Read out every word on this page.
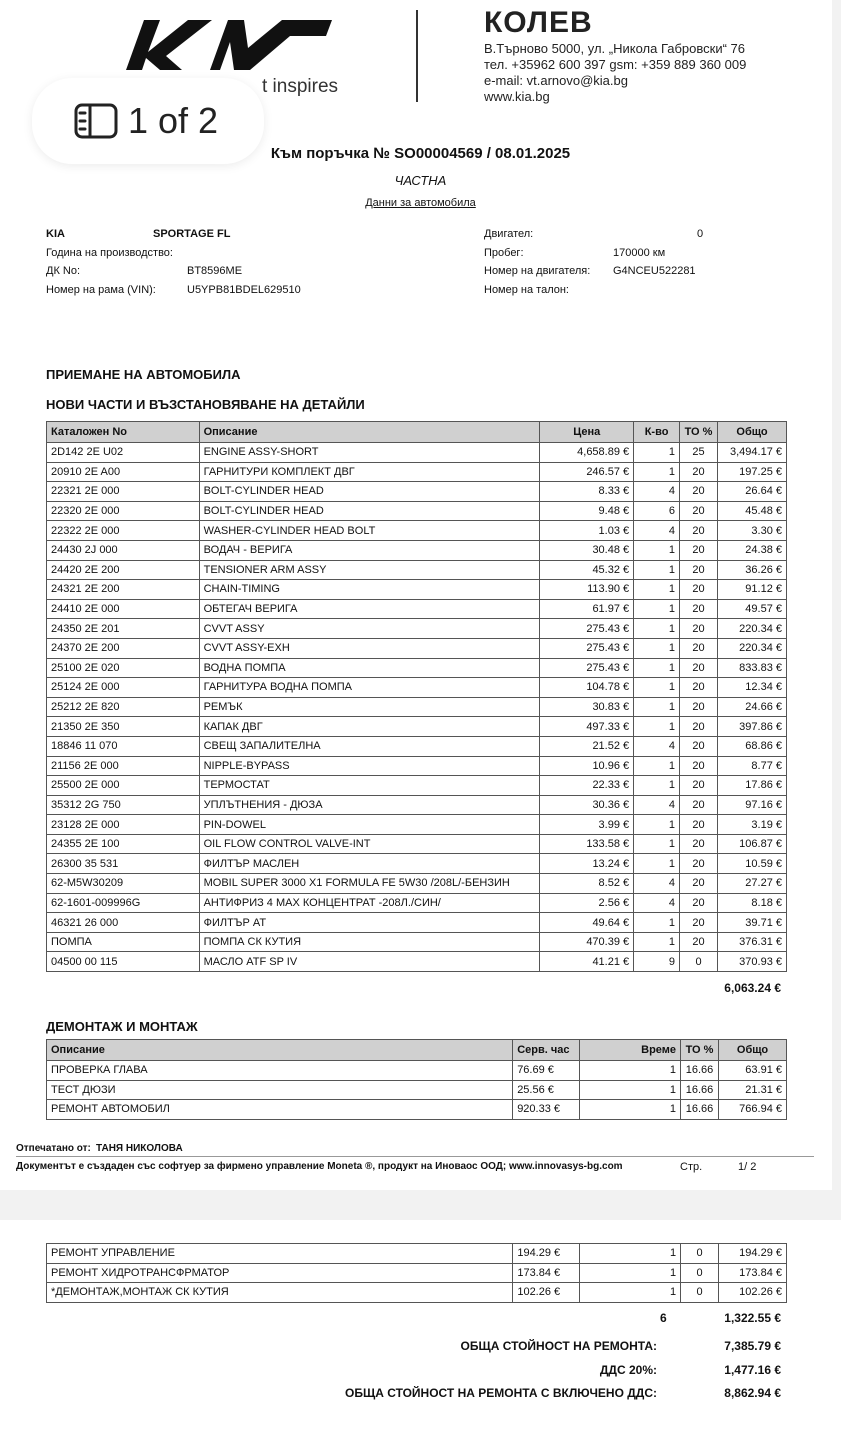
t inspires
КОЛЕВ
В.Търново 5000, ул. „Никола Габровски“ 76
тел. +35962 600 397 gsm: +359 889 360 009
e-mail: vt.arnovo@kia.bg
www.kia.bg
1 of 2
Към поръчка № SO00004569 / 08.01.2025
ЧАСТНА
Данни за автомобила
KIA	SPORTAGE FL
Година на производство:
ДК No:	BT8596ME
Номер на рама (VIN):	U5YPB81BDEL629510
Двигател:	0
Пробег:	170000 км
Номер на двигателя: G4NCEU522281
Номер на талон:
ПРИЕМАНЕ НА АВТОМОБИЛА
НОВИ ЧАСТИ И ВЪЗСТАНОВЯВАНЕ НА ДЕТАЙЛИ
Каталожен No	Описание	Цена	К-во	ТО %	Общо
2D142 2E U02	ENGINE ASSY-SHORT	4,658.89 €	1	25	3,494.17 €
20910 2E A00	ГАРНИТУРИ КОМПЛЕКТ ДВГ	246.57 €	1	20	197.25 €
22321 2E 000	BOLT-CYLINDER HEAD	8.33 €	4	20	26.64 €
22320 2E 000	BOLT-CYLINDER HEAD	9.48 €	6	20	45.48 €
22322 2E 000	WASHER-CYLINDER HEAD BOLT	1.03 €	4	20	3.30 €
24430 2J 000	ВОДАЧ - ВЕРИГА	30.48 €	1	20	24.38 €
24420 2E 200	TENSIONER ARM ASSY	45.32 €	1	20	36.26 €
24321 2E 200	CHAIN-TIMING	113.90 €	1	20	91.12 €
24410 2E 000	ОБТЕГАЧ ВЕРИГА	61.97 €	1	20	49.57 €
24350 2E 201	CVVT ASSY	275.43 €	1	20	220.34 €
24370 2E 200	CVVT ASSY-EXH	275.43 €	1	20	220.34 €
25100 2E 020	ВОДНА ПОМПА	275.43 €	1	20	833.83 €
25124 2E 000	ГАРНИТУРА ВОДНА ПОМПА	104.78 €	1	20	12.34 €
25212 2E 820	РЕМЪК	30.83 €	1	20	24.66 €
21350 2E 350	КАПАК ДВГ	497.33 €	1	20	397.86 €
18846 11 070	СВЕЩ ЗАПАЛИТЕЛНА	21.52 €	4	20	68.86 €
21156 2E 000	NIPPLE-BYPASS	10.96 €	1	20	8.77 €
25500 2E 000	ТЕРМОСТАТ	22.33 €	1	20	17.86 €
35312 2G 750	УПЛЪТНЕНИЯ - ДЮЗА	30.36 €	4	20	97.16 €
23128 2E 000	PIN-DOWEL	3.99 €	1	20	3.19 €
24355 2E 100	OIL FLOW CONTROL VALVE-INT	133.58 €	1	20	106.87 €
26300 35 531	ФИЛТЪР МАСЛЕН	13.24 €	1	20	10.59 €
62-M5W30209	MOBIL SUPER 3000 X1 FORMULA FE 5W30 /208L/-БЕНЗИН	8.52 €	4	20	27.27 €
62-1601-009996G	АНТИФРИЗ 4 MAX КОНЦЕНТРАТ -208Л./СИН/	2.56 €	4	20	8.18 €
46321 26 000	ФИЛТЪР АТ	49.64 €	1	20	39.71 €
ПОМПА	ПОМПА СК КУТИЯ	470.39 €	1	20	376.31 €
04500 00 115	МАСЛО ATF SP IV	41.21 €	9	0	370.93 €
6,063.24 €
ДЕМОНТАЖ И МОНТАЖ
Описание	Серв. час	Време	ТО %	Общо
ПРОВЕРКА ГЛАВА	76.69 €	1	16.66	63.91 €
ТЕСТ ДЮЗИ	25.56 €	1	16.66	21.31 €
РЕМОНТ АВТОМОБИЛ	920.33 €	1	16.66	766.94 €
Отпечатано от: ТАНЯ НИКОЛОВА
Документът е създаден със софтуер за фирмено управление Moneta ®, продукт на Иноваос ООД; www.innovasys-bg.com	Стр.	1/ 2
РЕМОНТ УПРАВЛЕНИЕ	194.29 €	1	0	194.29 €
РЕМОНТ ХИДРОТРАНСФРМАТОР	173.84 €	1	0	173.84 €
*ДЕМОНТАЖ,МОНТАЖ СК КУТИЯ	102.26 €	1	0	102.26 €
6	1,322.55 €
ОБЩА СТОЙНОСТ НА РЕМОНТА:	7,385.79 €
ДДС 20%:	1,477.16 €
ОБЩА СТОЙНОСТ НА РЕМОНТА С ВКЛЮЧЕНО ДДС:	8,862.94 €
